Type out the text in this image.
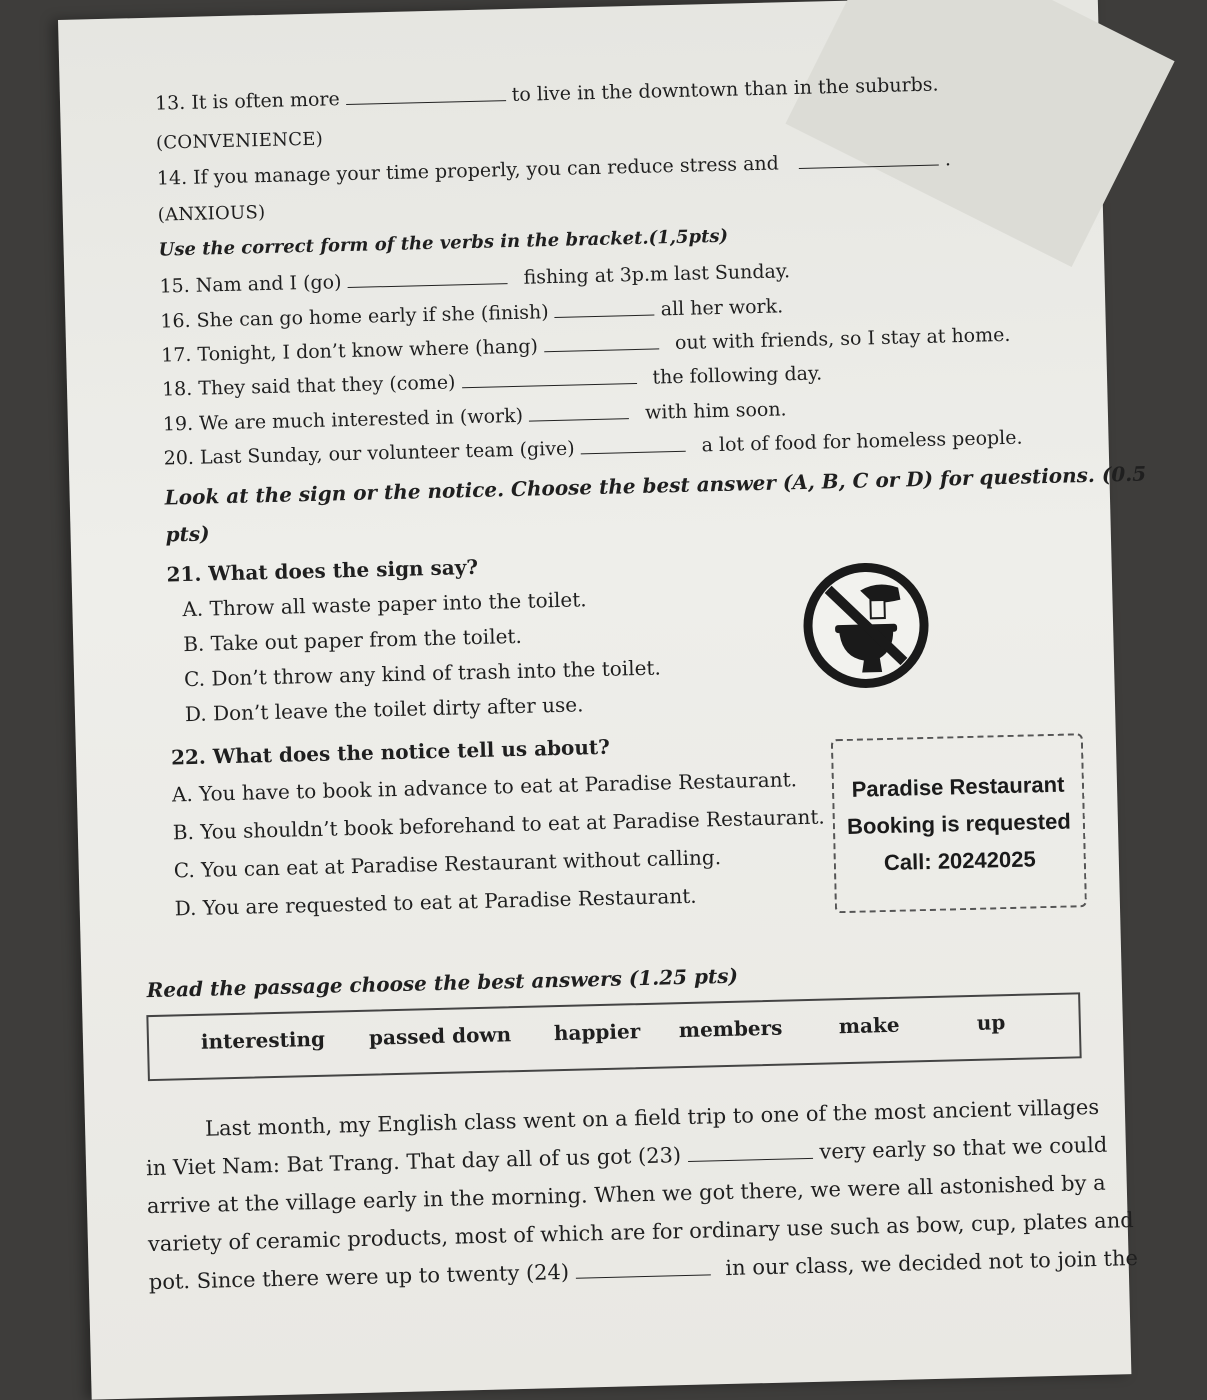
13. It is often more	to live in the downtown than in the suburbs.
(CONVENIENCE)
14. If you manage your time properly, you can reduce stress and	.
(ANXIOUS)
Use the correct form of the verbs in the bracket.(1,5pts)
15. Nam and I (go)	fishing at 3p.m last Sunday.
16. She can go home early if she (finish)	all her work.
17. Tonight, I don’t know where (hang)	out with friends, so I stay at home.
18. They said that they (come)	the following day.
19. We are much interested in (work)	with him soon.
20. Last Sunday, our volunteer team (give)	a lot of food for homeless people.
Look at the sign or the notice. Choose the best answer (A, B, C or D) for questions. (0.5
pts)
21. What does the sign say?
A. Throw all waste paper into the toilet.
B. Take out paper from the toilet.
C. Don’t throw any kind of trash into the toilet.
D. Don’t leave the toilet dirty after use.
22. What does the notice tell us about?
A. You have to book in advance to eat at Paradise Restaurant.
B. You shouldn’t book beforehand to eat at Paradise Restaurant.
C. You can eat at Paradise Restaurant without calling.
D. You are requested to eat at Paradise Restaurant.
Paradise Restaurant
Booking is requested
Call: 20242025
Read the passage choose the best answers (1.25 pts)
interesting passed down happier members	make	up
Last month, my English class went on a field trip to one of the most ancient villages
in Viet Nam: Bat Trang. That day all of us got (23)	very early so that we could
arrive at the village early in the morning. When we got there, we were all astonished by a
variety of ceramic products, most of which are for ordinary use such as bow, cup, plates and
pot. Since there were up to twenty (24)	in our class, we decided not to join the
